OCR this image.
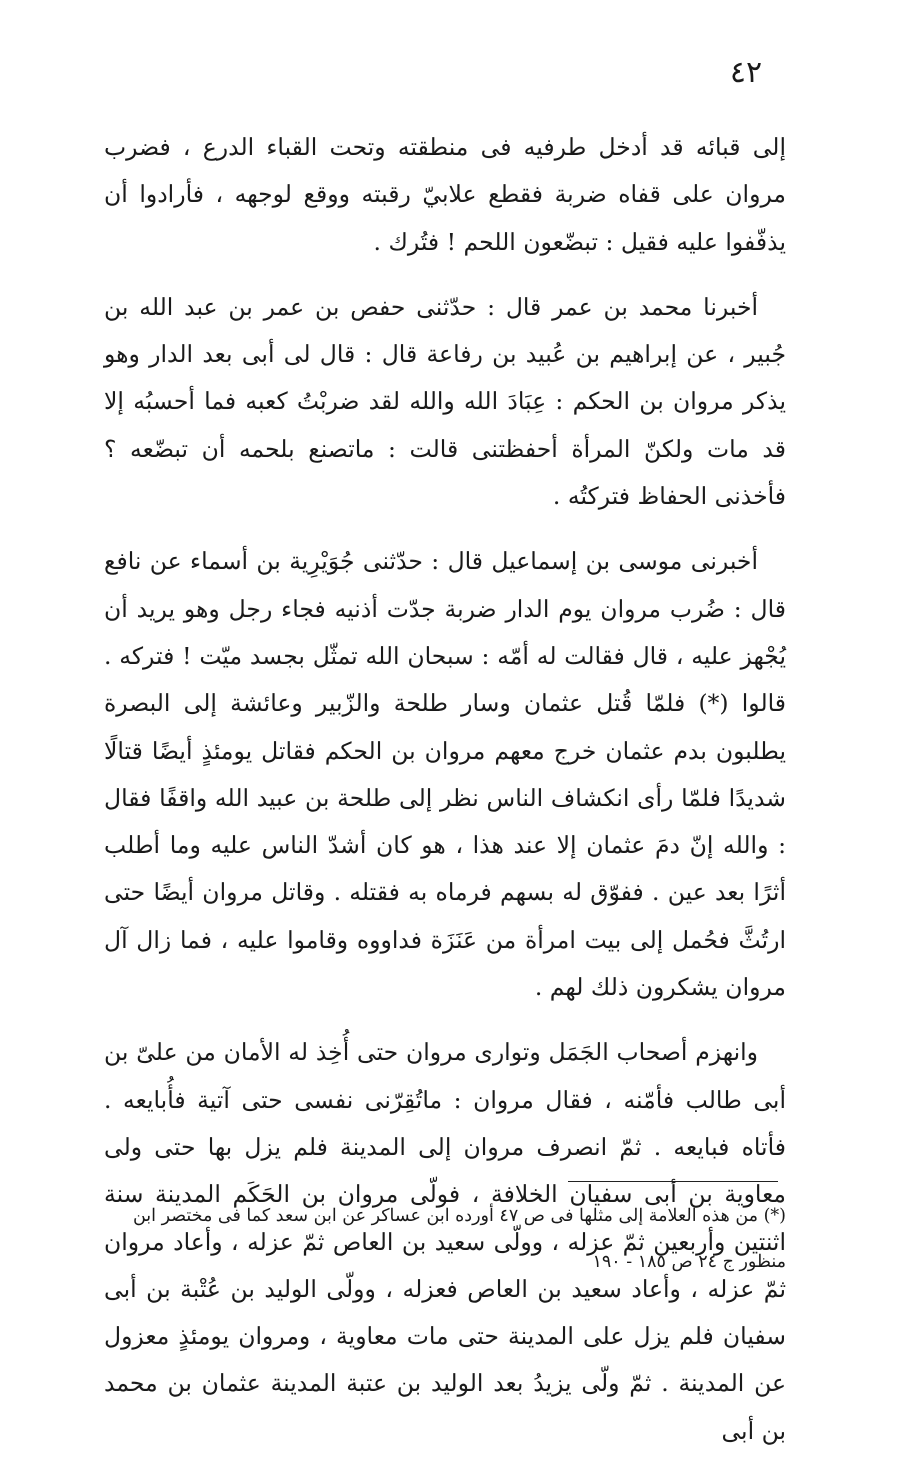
٤٢

إلى قبائه قد أدخل طرفيه فى منطقته وتحت القباء الدرع ، فضرب مروان على قفاه ضربة فقطع علابيّ رقبته ووقع لوجهه ، فأرادوا أن يذفّفوا عليه فقيل : تبضّعون اللحم ! فتُرك .

أخبرنا محمد بن عمر قال : حدّثنى حفص بن عمر بن عبد الله بن جُبير ، عن إبراهيم بن عُبيد بن رفاعة قال : قال لى أبى بعد الدار وهو يذكر مروان بن الحكم : عِبَادَ الله والله لقد ضربْتُ كعبه فما أحسبُه إلا قد مات ولكنّ المرأة أحفظتنى قالت : ماتصنع بلحمه أن تبضّعه ؟ فأخذنى الحفاظ فتركتُه .

أخبرنى موسى بن إسماعيل قال : حدّثنى جُوَيْرِية بن أسماء عن نافع قال : ضُرب مروان يوم الدار ضربة جدّت أذنيه فجاء رجل وهو يريد أن يُجْهز عليه ، قال فقالت له أمّه : سبحان الله تمثّل بجسد ميّت ! فتركه . قالوا (*) فلمّا قُتل عثمان وسار طلحة والزّبير وعائشة إلى البصرة يطلبون بدم عثمان خرج معهم مروان بن الحكم فقاتل يومئذٍ أيضًا قتالًا شديدًا فلمّا رأى انكشاف الناس نظر إلى طلحة بن عبيد الله واقفًا فقال : والله إنّ دمَ عثمان إلا عند هذا ، هو كان أشدّ الناس عليه وما أطلب أثرًا بعد عين . ففوّق له بسهم فرماه به فقتله . وقاتل مروان أيضًا حتى ارتُثَّ فحُمل إلى بيت امرأة من عَنَزَة فداووه وقاموا عليه ، فما زال آل مروان يشكرون ذلك لهم .

وانهزم أصحاب الجَمَل وتوارى مروان حتى أُخِذ له الأمان من علىّ بن أبى طالب فأمّنه ، فقال مروان : ماتُقِرّنى نفسى حتى آتية فأُبايعه . فأتاه فبايعه . ثمّ انصرف مروان إلى المدينة فلم يزل بها حتى ولى معاوية بن أبى سفيان الخلافة ، فولّى مروان بن الحَكَم المدينة سنة اثنتين وأربعين ثمّ عزله ، وولّى سعيد بن العاص ثمّ عزله ، وأعاد مروان ثمّ عزله ، وأعاد سعيد بن العاص فعزله ، وولّى الوليد بن عُتْبة بن أبى سفيان فلم يزل على المدينة حتى مات معاوية ، ومروان يومئذٍ معزول عن المدينة . ثمّ ولّى يزيدُ بعد الوليد بن عتبة المدينة عثمان بن محمد بن أبى

(*) من هذه العلامة إلى مثلها فى ص ٤٧ أورده ابن عساكر عن ابن سعد كما فى مختصر ابن
منظور ج ٢٤ ص ١٨٥ - ١٩٠
